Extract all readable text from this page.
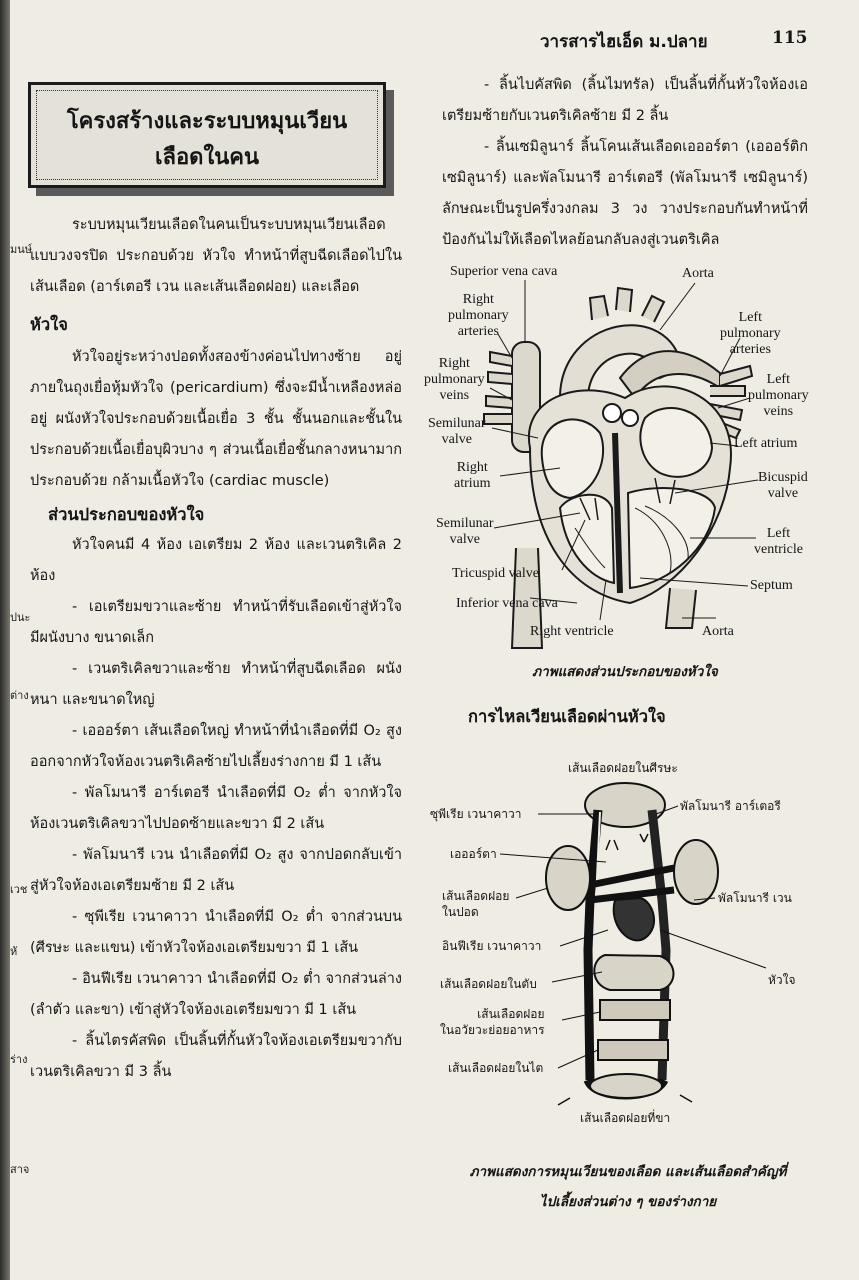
มนษ์
ปนะ
ต่าง
เวช
หั
ร่าง
สาจ
วารสารไฮเอ็ด ม.ปลาย	115
โครงสร้างและระบบหมุนเวียน
เลือดในคน

ระบบหมุนเวียนเลือดในคนเป็นระบบหมุนเวียนเลือดแบบวงจรปิด ประกอบด้วย หัวใจ ทำหน้าที่สูบฉีดเลือดไปในเส้นเลือด (อาร์เตอรี เวน และเส้นเลือดฝอย) และเลือด

หัวใจ

หัวใจอยู่ระหว่างปอดทั้งสองข้างค่อนไปทางซ้าย อยู่ภายในถุงเยื่อหุ้มหัวใจ (pericardium) ซึ่งจะมีน้ำเหลืองหล่ออยู่ ผนังหัวใจประกอบด้วยเนื้อเยื่อ 3 ชั้น ชั้นนอกและชั้นในประกอบด้วยเนื้อเยื่อบุผิวบาง ๆ ส่วนเนื้อเยื่อชั้นกลางหนามาก ประกอบด้วย กล้ามเนื้อหัวใจ (cardiac muscle)

ส่วนประกอบของหัวใจ

หัวใจคนมี 4 ห้อง เอเตรียม 2 ห้อง และเวนตริเคิล 2 ห้อง

- เอเตรียมขวาและซ้าย ทำหน้าที่รับเลือดเข้าสู่หัวใจ มีผนังบาง ขนาดเล็ก

- เวนตริเคิลขวาและซ้าย ทำหน้าที่สูบฉีดเลือด ผนังหนา และขนาดใหญ่

- เอออร์ตา เส้นเลือดใหญ่ ทำหน้าที่นำเลือดที่มี O₂ สูง ออกจากหัวใจห้องเวนตริเคิลซ้ายไปเลี้ยงร่างกาย มี 1 เส้น

- พัลโมนารี อาร์เตอรี นำเลือดที่มี O₂ ต่ำ จากหัวใจห้องเวนตริเคิลขวาไปปอดซ้ายและขวา มี 2 เส้น

- พัลโมนารี เวน นำเลือดที่มี O₂ สูง จากปอดกลับเข้าสู่หัวใจห้องเอเตรียมซ้าย มี 2 เส้น

- ซุพีเรีย เวนาคาวา นำเลือดที่มี O₂ ต่ำ จากส่วนบน (ศีรษะ และแขน) เข้าหัวใจห้องเอเตรียมขวา มี 1 เส้น

- อินฟีเรีย เวนาคาวา นำเลือดที่มี O₂ ต่ำ จากส่วนล่าง (ลำตัว และขา) เข้าสู่หัวใจห้องเอเตรียมขวา มี 1 เส้น

- ลิ้นไตรคัสพิด เป็นลิ้นที่กั้นหัวใจห้องเอเตรียมขวากับเวนตริเคิลขวา มี 3 ลิ้น

- ลิ้นไบคัสพิด (ลิ้นไมทรัล) เป็นลิ้นที่กั้นหัวใจห้องเอเตรียมซ้ายกับเวนตริเคิลซ้าย มี 2 ลิ้น

- ลิ้นเซมิลูนาร์ ลิ้นโคนเส้นเลือดเอออร์ตา (เอออร์ติก เซมิลูนาร์) และพัลโมนารี อาร์เตอรี (พัลโมนารี เซมิลูนาร์) ลักษณะเป็นรูปครึ่งวงกลม 3 วง วางประกอบกันทำหน้าที่ป้องกันไม่ให้เลือดไหลย้อนกลับลงสู่เวนตริเคิล

Superior vena cava	Aorta
Right
pulmonary
arteries
Left
pulmonary
arteries
Right
pulmonary
veins
Left
pulmonary
veins
Semilunar
valve	Left atrium
Right
atrium	Bicuspid
valve
Semilunar
valve	Left
ventricle
Tricuspid valve
Septum
Inferior vena cava
Right ventricle	Aorta
ภาพแสดงส่วนประกอบของหัวใจ
การไหลเวียนเลือดผ่านหัวใจ
เส้นเลือดฝอยในศีรษะ
ซุพีเรีย เวนาคาวา
พัลโมนารี อาร์เตอรี
เอออร์ตา
เส้นเลือดฝอย
ในปอด
พัลโมนารี เวน
อินฟีเรีย เวนาคาวา
หัวใจ
เส้นเลือดฝอยในตับ
เส้นเลือดฝอย
ในอวัยวะย่อยอาหาร
เส้นเลือดฝอยในไต
เส้นเลือดฝอยที่ขา
ภาพแสดงการหมุนเวียนของเลือด และเส้นเลือดสำคัญที่
ไปเลี้ยงส่วนต่าง ๆ ของร่างกาย
